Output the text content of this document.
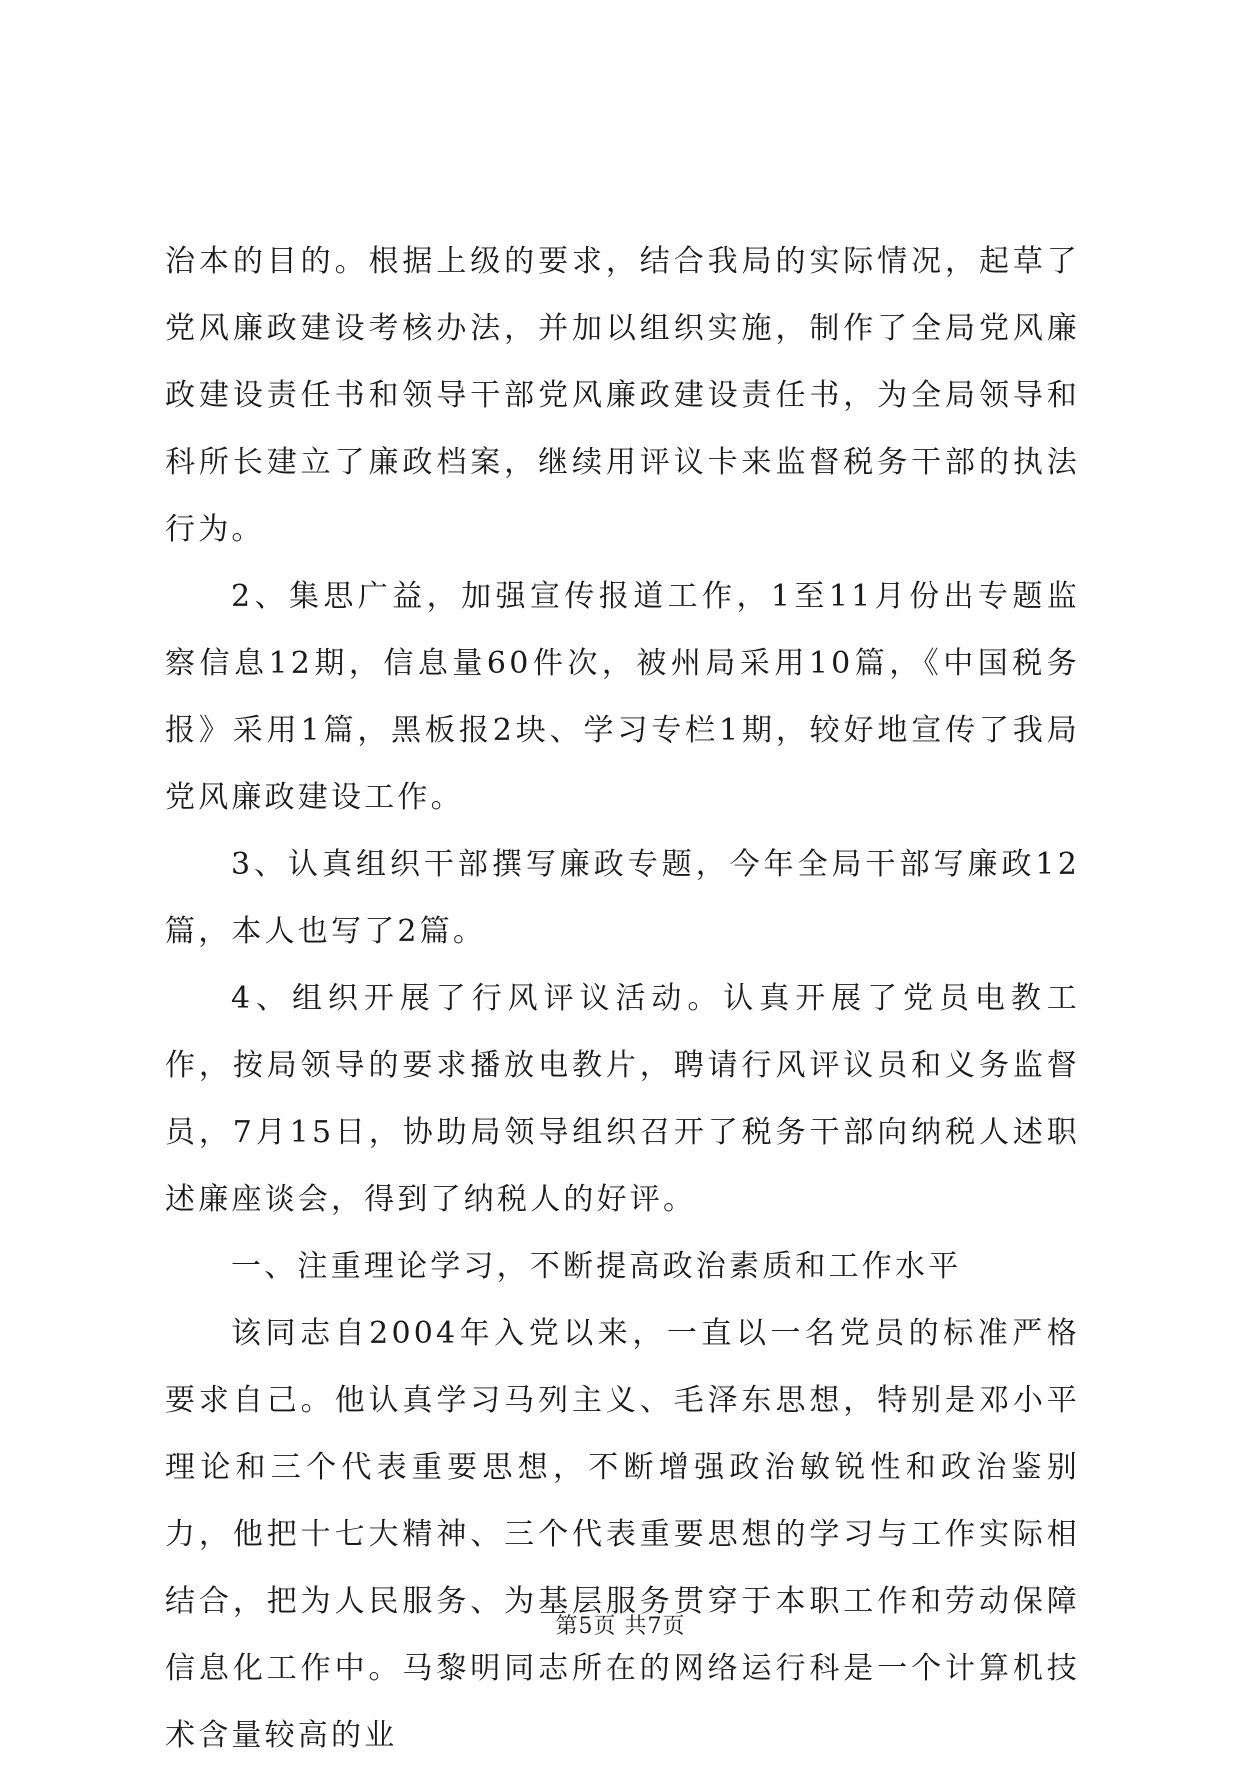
治本的目的。根据上级的要求，结合我局的实际情况，起草了党风廉政建设考核办法，并加以组织实施，制作了全局党风廉政建设责任书和领导干部党风廉政建设责任书，为全局领导和科所长建立了廉政档案，继续用评议卡来监督税务干部的执法行为。

2、集思广益，加强宣传报道工作，1至11月份出专题监察信息12期，信息量60件次，被州局采用10篇，《中国税务报》采用1篇，黑板报2块、学习专栏1期，较好地宣传了我局党风廉政建设工作。

3、认真组织干部撰写廉政专题，今年全局干部写廉政12篇，本人也写了2篇。

4、组织开展了行风评议活动。认真开展了党员电教工作，按局领导的要求播放电教片，聘请行风评议员和义务监督员，7月15日，协助局领导组织召开了税务干部向纳税人述职述廉座谈会，得到了纳税人的好评。

一、注重理论学习，不断提高政治素质和工作水平

该同志自2004年入党以来，一直以一名党员的标准严格要求自己。他认真学习马列主义、毛泽东思想，特别是邓小平理论和三个代表重要思想，不断增强政治敏锐性和政治鉴别力，他把十七大精神、三个代表重要思想的学习与工作实际相结合，把为人民服务、为基层服务贯穿于本职工作和劳动保障信息化工作中。马黎明同志所在的网络运行科是一个计算机技术含量较高的业

第5页 共7页
